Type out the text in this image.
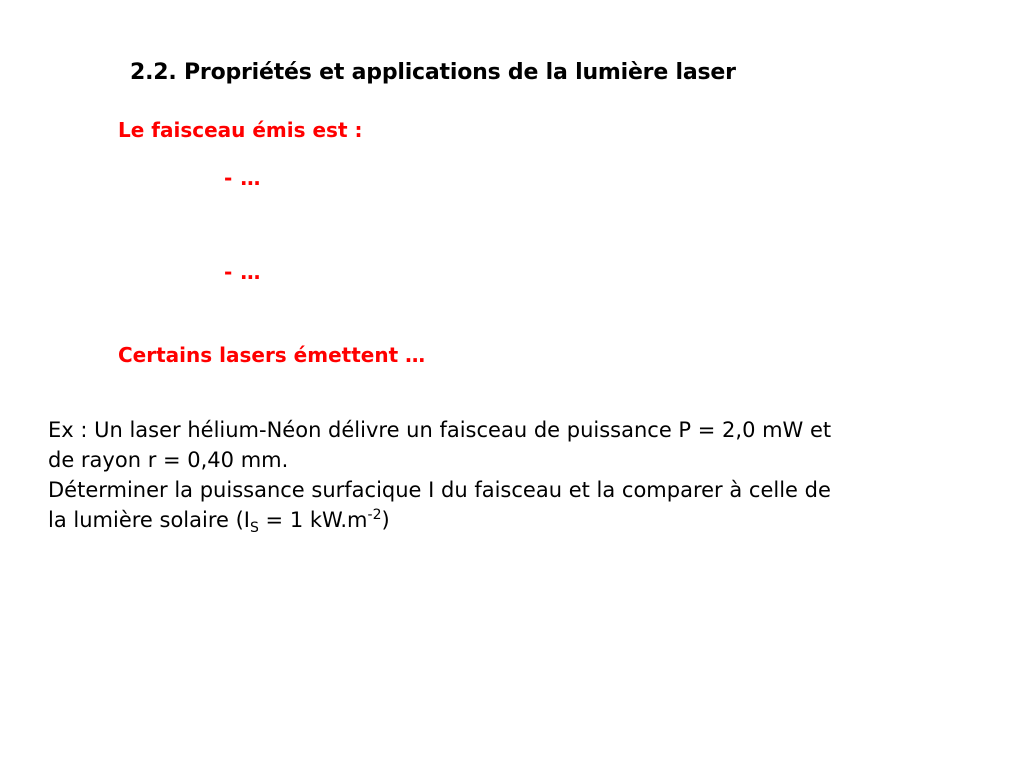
2.2. Propriétés et applications de la lumière laser
Le faisceau émis est :
- …
- …
Certains lasers émettent …

Ex : Un laser hélium-Néon délivre un faisceau de puissance P = 2,0 mW et

de rayon r = 0,40 mm.

Déterminer la puissance surfacique I du faisceau et la comparer à celle de

la lumière solaire ($I_S = 1$ $kW.m^{-2}$)
